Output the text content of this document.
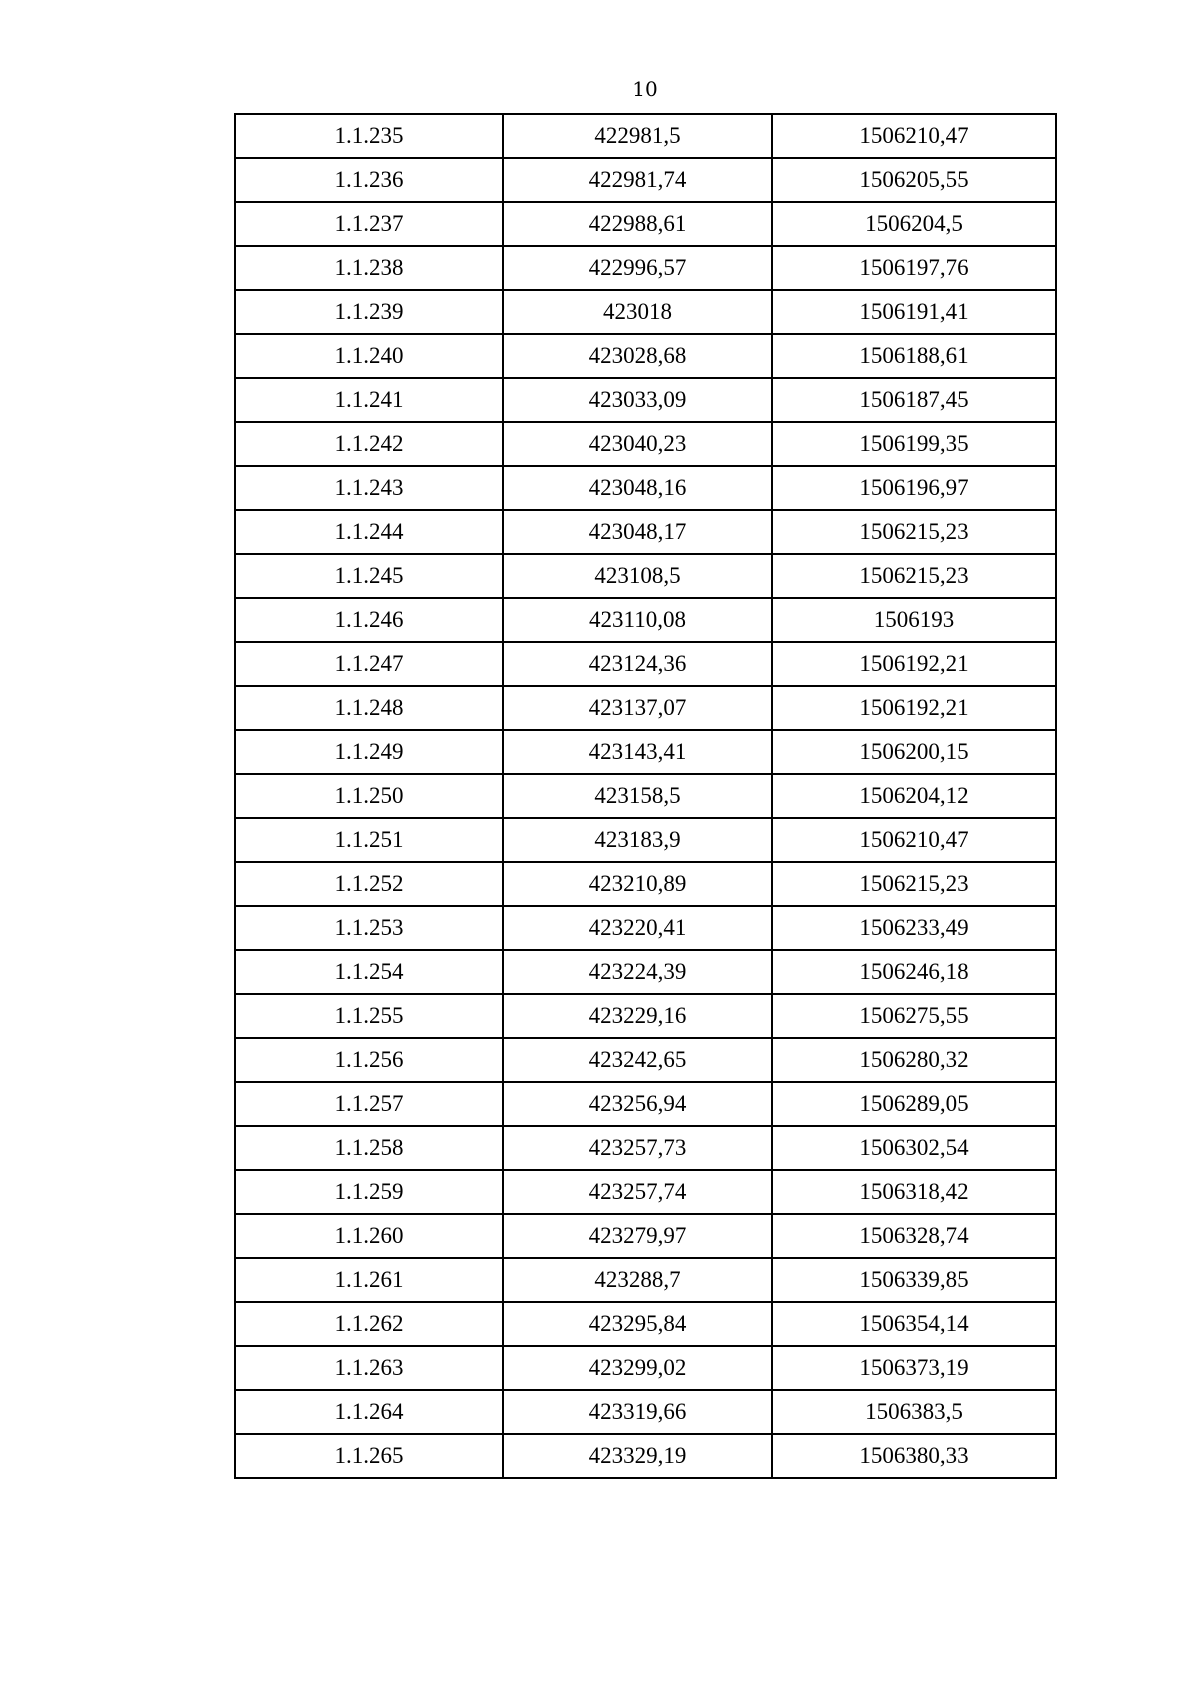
10
1.1.235	422981,5	1506210,47
1.1.236	422981,74	1506205,55
1.1.237	422988,61	1506204,5
1.1.238	422996,57	1506197,76
1.1.239	423018	1506191,41
1.1.240	423028,68	1506188,61
1.1.241	423033,09	1506187,45
1.1.242	423040,23	1506199,35
1.1.243	423048,16	1506196,97
1.1.244	423048,17	1506215,23
1.1.245	423108,5	1506215,23
1.1.246	423110,08	1506193
1.1.247	423124,36	1506192,21
1.1.248	423137,07	1506192,21
1.1.249	423143,41	1506200,15
1.1.250	423158,5	1506204,12
1.1.251	423183,9	1506210,47
1.1.252	423210,89	1506215,23
1.1.253	423220,41	1506233,49
1.1.254	423224,39	1506246,18
1.1.255	423229,16	1506275,55
1.1.256	423242,65	1506280,32
1.1.257	423256,94	1506289,05
1.1.258	423257,73	1506302,54
1.1.259	423257,74	1506318,42
1.1.260	423279,97	1506328,74
1.1.261	423288,7	1506339,85
1.1.262	423295,84	1506354,14
1.1.263	423299,02	1506373,19
1.1.264	423319,66	1506383,5
1.1.265	423329,19	1506380,33
